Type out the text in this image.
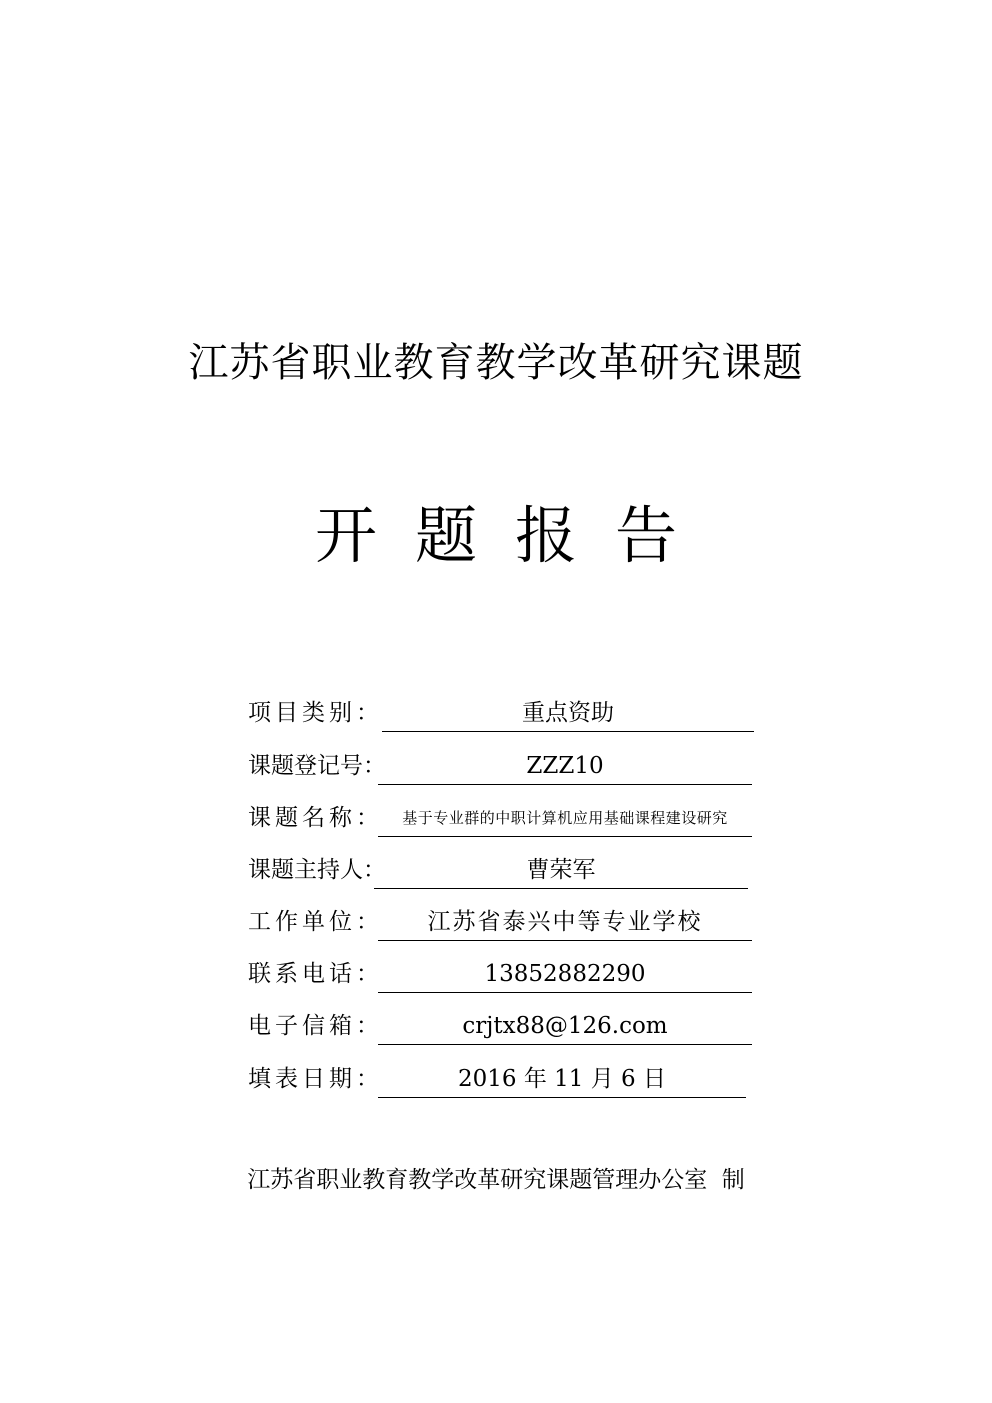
江苏省职业教育教学改革研究课题
开题报告
项目类别：	重点资助
课题登记号：	ZZZ10
课题名称：	基于专业群的中职计算机应用基础课程建设研究
课题主持人：	曹荣军
工作单位：	江苏省泰兴中等专业学校
联系电话：	13852882290
电子信箱：	crjtx88@126.com
填表日期：	2016 年 11 月 6 日
江苏省职业教育教学改革研究课题管理办公室  制
